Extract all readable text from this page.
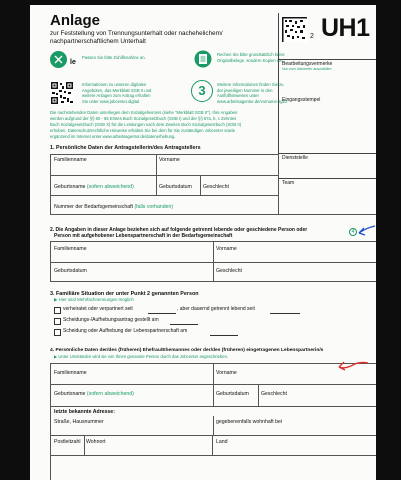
Anlage
zur Feststellung von Trennungsunterhalt oder nachehelichem/
nachpartnerschaftlichem Unterhalt
le
Passen Sie bitte Zuhilfenahme an.
Rechen Sie bitte grundsätzlich keine
Originalbelege, sondern Kopien ein.
Informationen zu unseren digitalen
Angeboten, das Merkblatt SGB II und
weitere Anlagen zum Antrag erhalten
Sie unter www.jobcenter.digital
3	Weitere Informationen finden Sie zu
der jeweiligen Nummer in den
Ausfüllhinweisen unter
www.arbeitsagentur.de/vorname-sgb2
Die nachstehenden Daten unterliegen dem Sozialgeheimnis (siehe "Merkblatt SGB II"). Ihre Angaben
werden aufgrund der §§ 60 - 65 Erstes Buch Sozialgesetzbuch (SGB I) und der §§ 67a, b, c Zehntes
Buch Sozialgesetzbuch (SGB X) für die Leistungen nach dem Zweiten Buch Sozialgesetzbuch (SGB II)
erhoben. Datenschutzrechtliche Hinweise erhalten Sie bei dem für Sie zuständigen Jobcenter sowie
ergänzend im Internet unter www.arbeitsagentur.de/datenerhebung.
2 UH1
Bearbeitungsvermerke
Nur vom Jobcenter auszufüllen
Eingangsstempel
Dienststelle
Team
1. Persönliche Daten der Antragstellerin/des Antragstellers
Familienname	Vorname
Geburtsname (sofern abweichend)	Geburtsdatum Geschlecht
Nummer der Bedarfsgemeinschaft (falls vorhanden)
2. Die Angaben in dieser Anlage beziehen sich auf folgende getrennt lebende oder geschiedene Person oder
Person mit aufgehobener Lebenspartnerschaft in der Bedarfsgemeinschaft
Familienname	Vorname
Geburtsdatum	Geschlecht
4
3. Familiäre Situation der unter Punkt 2 genannten Person
▶ Hier sind Mehrfachnennungen möglich
verheiratet oder verpartnert seit	, aber dauernd getrennt lebend seit
Scheidungs-/Aufhebungsantrag gestellt am
Scheidung oder Aufhebung der Lebenspartnerschaft am
4. Persönliche Daten der/des (früheren) Ehefrau/Ehemannes oder der/des (früheren) eingetragenen Lebenspartnerin/s
▶ Unter Umständen wird sie von Ihnen genannte Person durch das Jobcenter angeschrieben.
Familienname	Vorname
Geburtsname (sofern abweichend)	Geburtsdatum Geschlecht
letzte bekannte Adresse:
Straße, Hausnummer	gegebenenfalls wohnhaft bei
Postleitzahl Wohnort	Land
